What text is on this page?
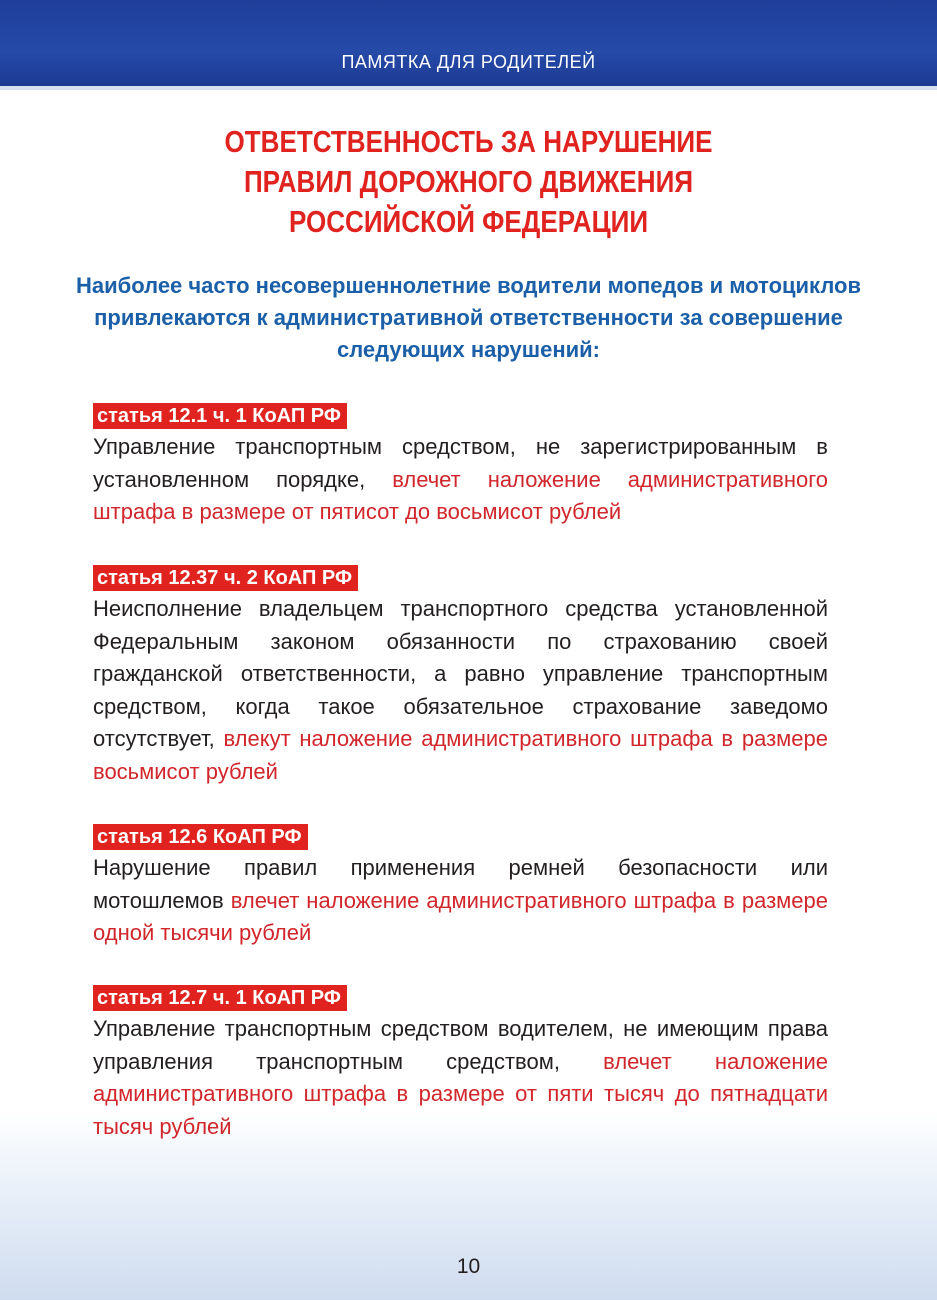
ПАМЯТКА ДЛЯ РОДИТЕЛЕЙ
ОТВЕТСТВЕННОСТЬ ЗА НАРУШЕНИЕ
ПРАВИЛ ДОРОЖНОГО ДВИЖЕНИЯ
РОССИЙСКОЙ ФЕДЕРАЦИИ
Наиболее часто несовершеннолетние водители мопедов и мотоциклов привлекаются к административной ответственности за совершение следующих нарушений:
статья 12.1 ч. 1 КоАП РФ

Управление транспортным средством, не зарегистрированным в установленном порядке, влечет наложение административного штрафа в размере от пятисот до восьмисот рублей

статья 12.37 ч. 2 КоАП РФ

Неисполнение владельцем транспортного средства установленной Федеральным законом обязанности по страхованию своей гражданской ответственности, а равно управление транспортным средством, когда такое обязательное страхование заведомо отсутствует, влекут наложение административного штрафа в размере восьмисот рублей

статья 12.6 КоАП РФ

Нарушение правил применения ремней безопасности или мотошлемов влечет наложение административного штрафа в размере одной тысячи рублей

статья 12.7 ч. 1 КоАП РФ

Управление транспортным средством водителем, не имеющим права управления транспортным средством, влечет наложение административного штрафа в размере от пяти тысяч до пятнадцати тысяч рублей

10
